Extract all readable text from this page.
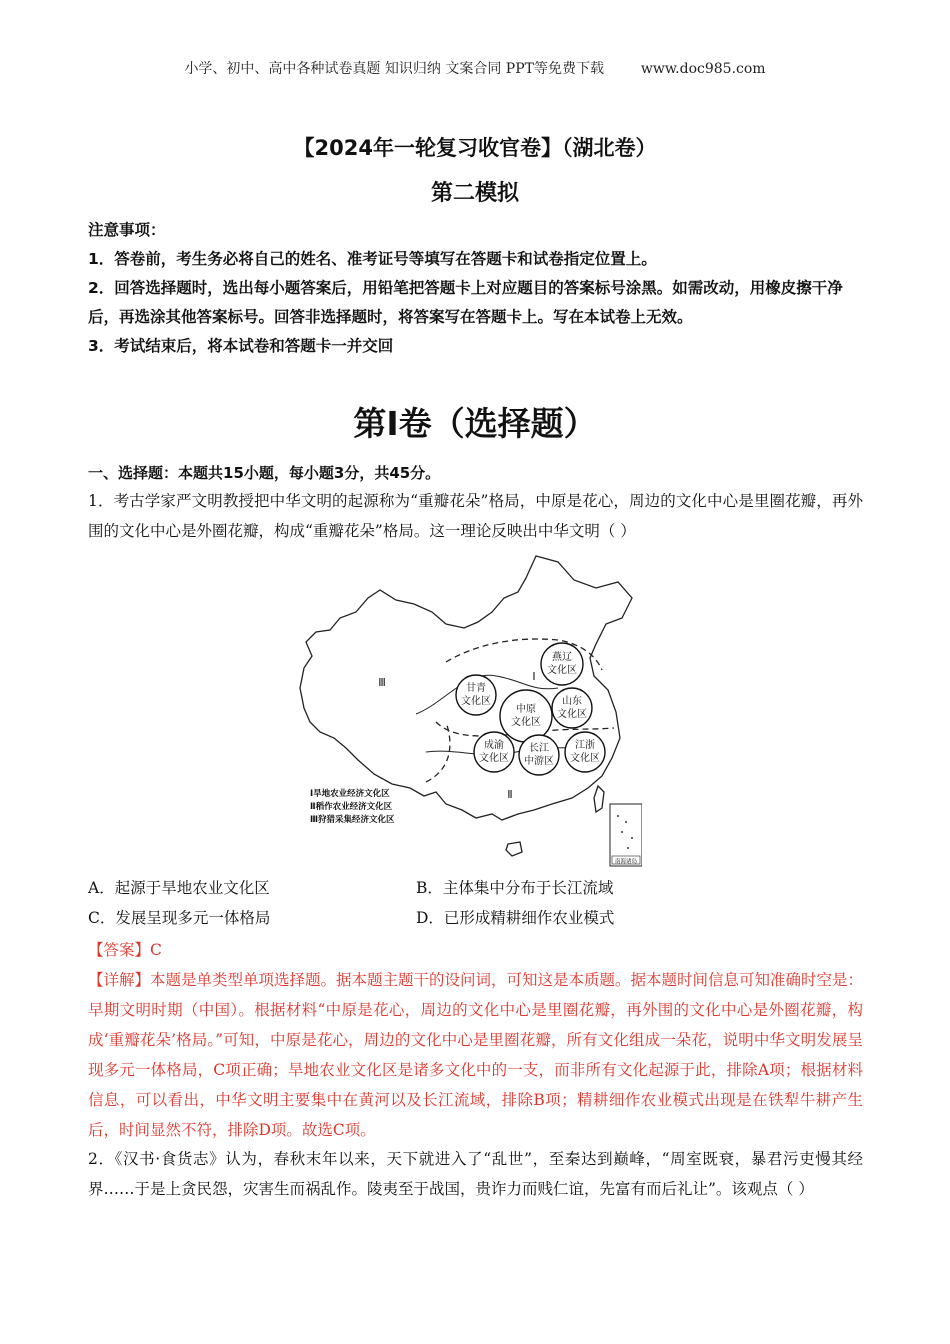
小学、初中、高中各种试卷真题 知识归纳 文案合同 PPT等免费下载	www.doc985.com
【2024年一轮复习收官卷】（湖北卷）
第二模拟

注意事项：

1．答卷前，考生务必将自己的姓名、准考证号等填写在答题卡和试卷指定位置上。

2．回答选择题时，选出每小题答案后，用铅笔把答题卡上对应题目的答案标号涂黑。如需改动，用橡皮擦干净后，再选涂其他答案标号。回答非选择题时，将答案写在答题卡上。写在本试卷上无效。

3．考试结束后，将本试卷和答题卡一并交回

第Ⅰ卷（选择题）
一、选择题：本题共15小题，每小题3分，共45分。

1．考古学家严文明教授把中华文明的起源称为“重瓣花朵”格局，中原是花心，周边的文化中心是里圈花瓣，再外围的文化中心是外圈花瓣，构成“重瓣花朵”格局。这一理论反映出中华文明（ ）

燕辽
文化区
甘青
文化区
中原
文化区
山东
文化区
成渝
文化区
长江
中游区
江浙
文化区
Ⅰ
Ⅱ
Ⅲ
Ⅰ旱地农业经济文化区
Ⅱ稻作农业经济文化区
Ⅲ狩猎采集经济文化区
南海诸岛
A．起源于旱地农业文化区	B．主体集中分布于长江流域
C．发展呈现多元一体格局	D．已形成精耕细作农业模式

【答案】C

【详解】本题是单类型单项选择题。据本题主题干的设问词，可知这是本质题。据本题时间信息可知准确时空是：早期文明时期（中国）。根据材料“中原是花心，周边的文化中心是里圈花瓣，再外围的文化中心是外圈花瓣，构成‘重瓣花朵’格局。”可知，中原是花心，周边的文化中心是里圈花瓣，所有文化组成一朵花，说明中华文明发展呈现多元一体格局，C项正确；旱地农业文化区是诸多文化中的一支，而非所有文化起源于此，排除A项；根据材料信息，可以看出，中华文明主要集中在黄河以及长江流域，排除B项；精耕细作农业模式出现是在铁犁牛耕产生后，时间显然不符，排除D项。故选C项。

2．《汉书·食货志》认为，春秋末年以来，天下就进入了“乱世”，至秦达到巅峰，“周室既衰，暴君污吏慢其经界……于是上贪民怨，灾害生而祸乱作。陵夷至于战国，贵诈力而贱仁谊，先富有而后礼让”。该观点（ ）
